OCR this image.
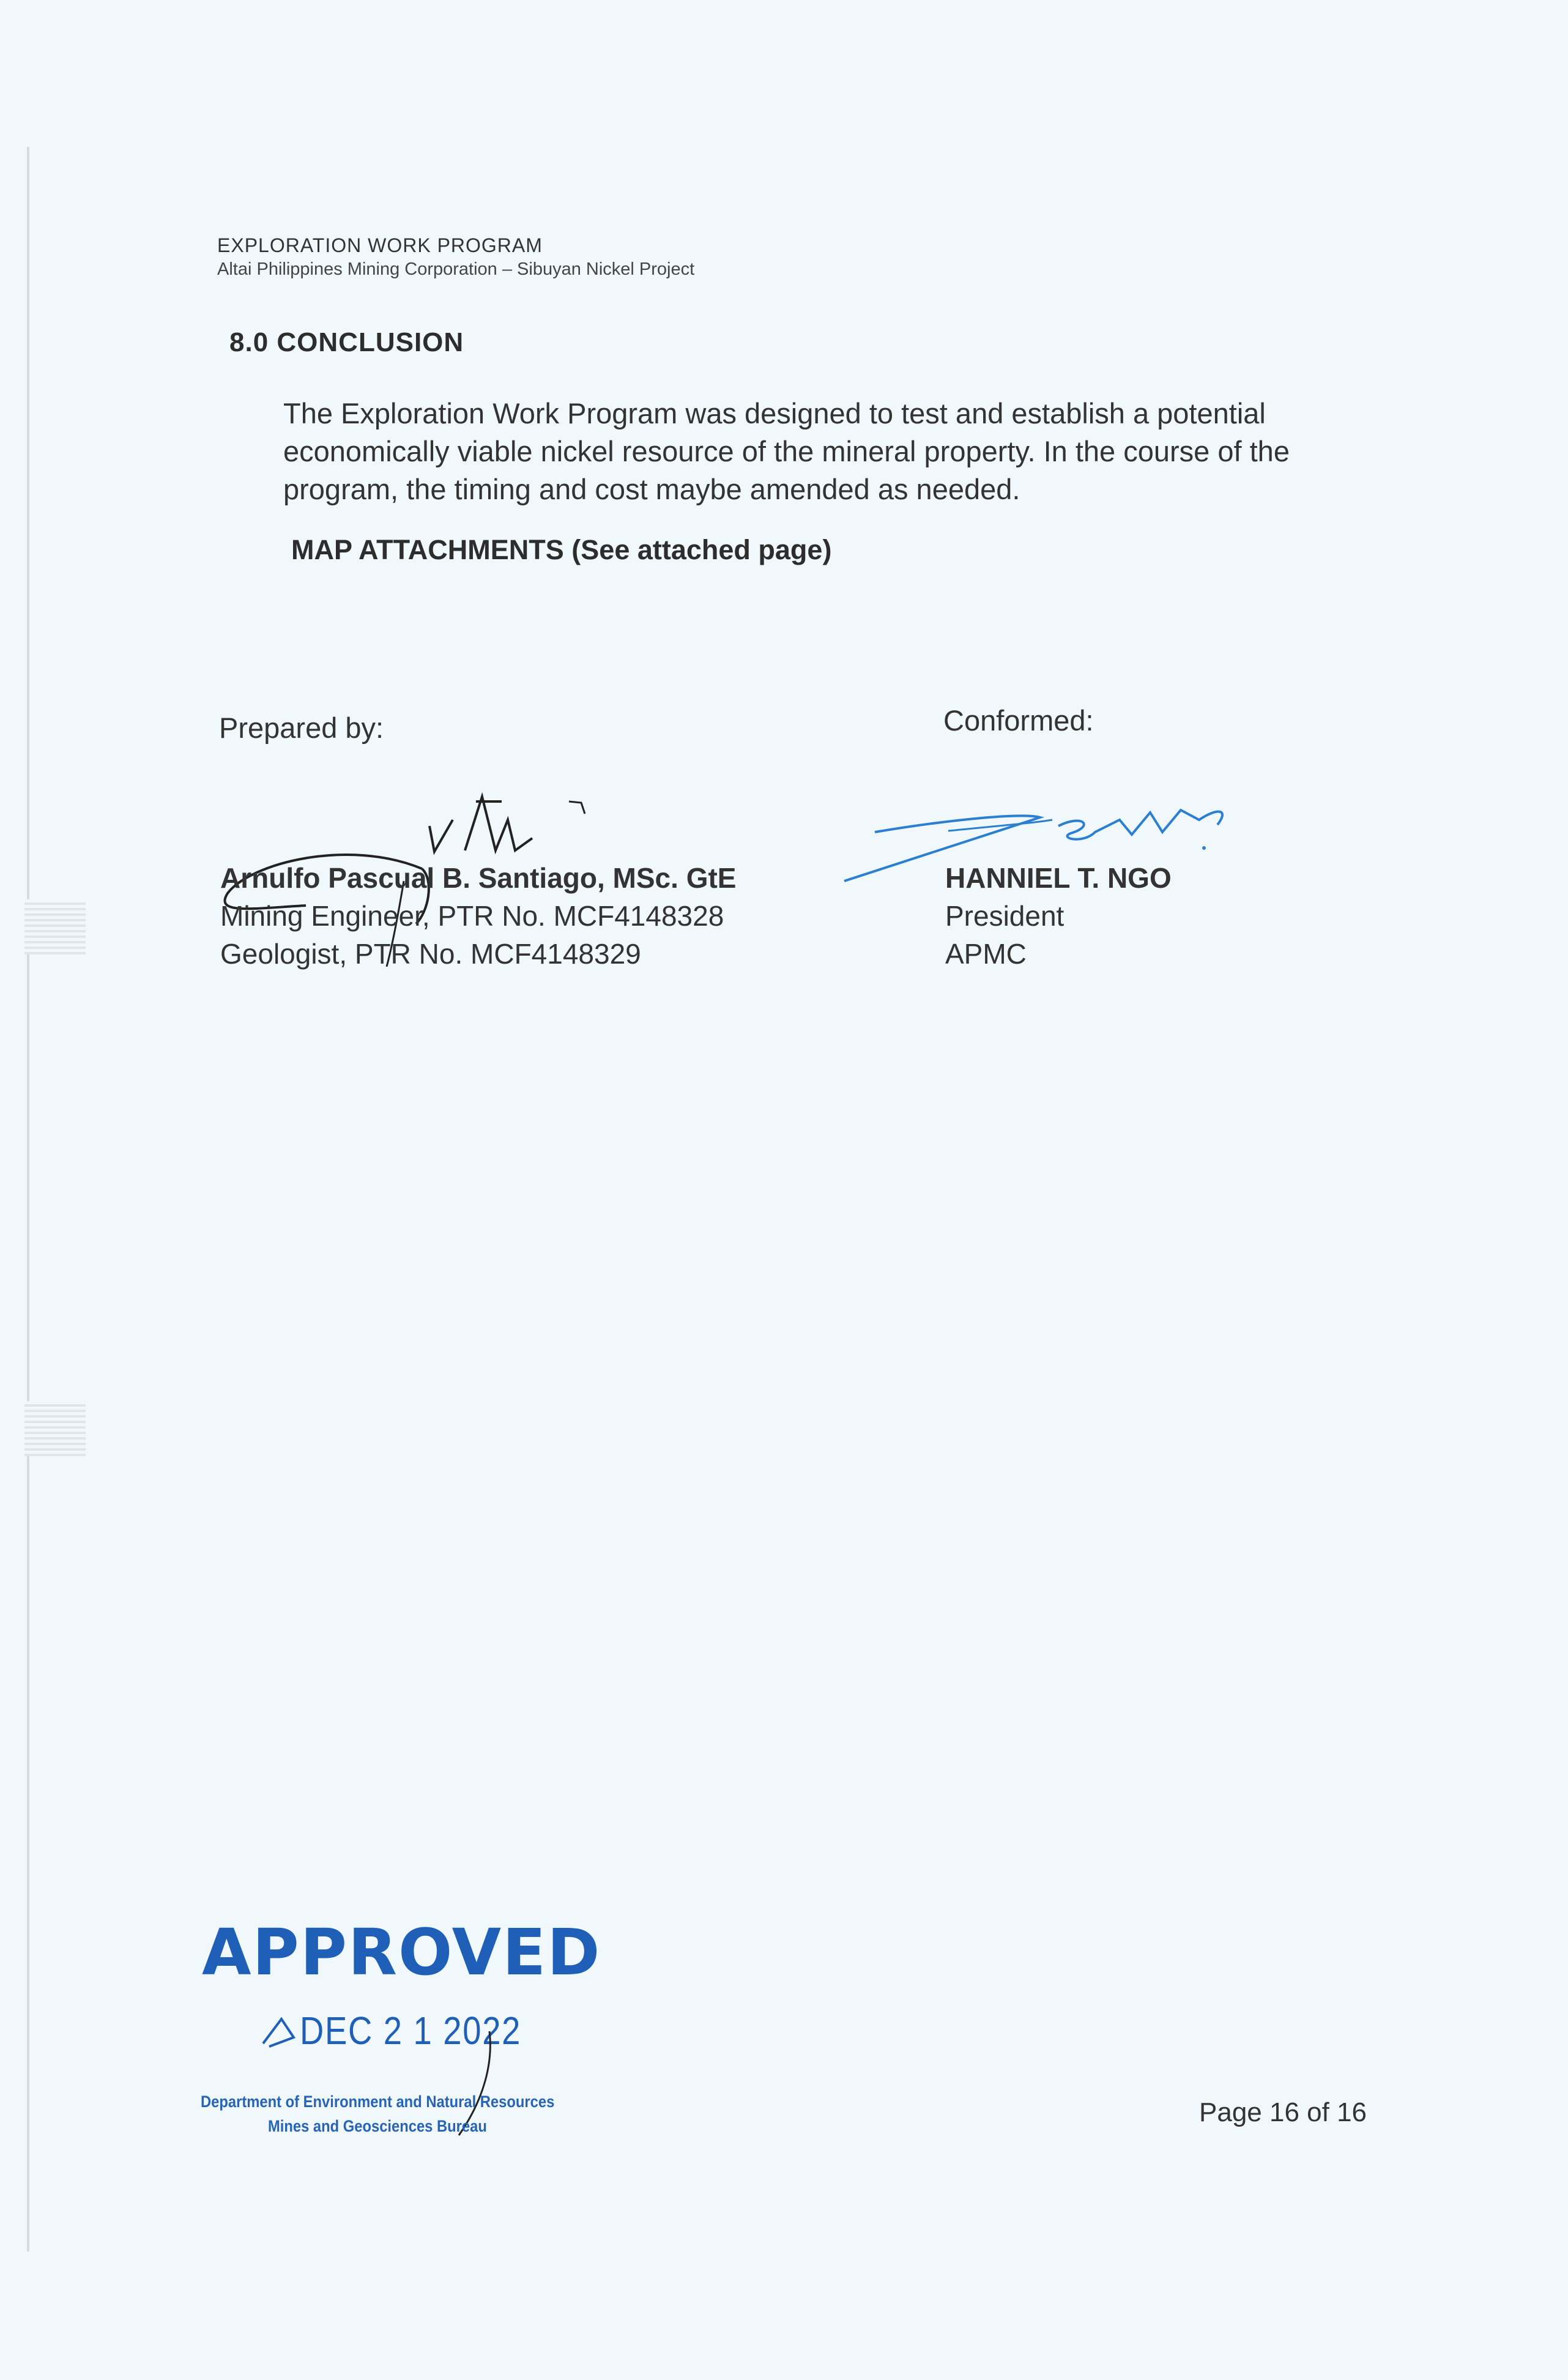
EXPLORATION WORK PROGRAM
Altai Philippines Mining Corporation – Sibuyan Nickel Project
8.0 CONCLUSION
The Exploration Work Program was designed to test and establish a potential economically viable nickel resource of the mineral property. In the course of the program, the timing and cost maybe amended as needed.
MAP ATTACHMENTS (See attached page)
Prepared by:
Arnulfo Pascual B. Santiago, MSc. GtE
Mining Engineer, PTR No. MCF4148328
Geologist, PTR No. MCF4148329
Conformed:
HANNIEL T. NGO
President
APMC
APPROVED
DEC 2 1 2022
Department of Environment and Natural Resources
Mines and Geosciences Bureau	Page 16 of 16
